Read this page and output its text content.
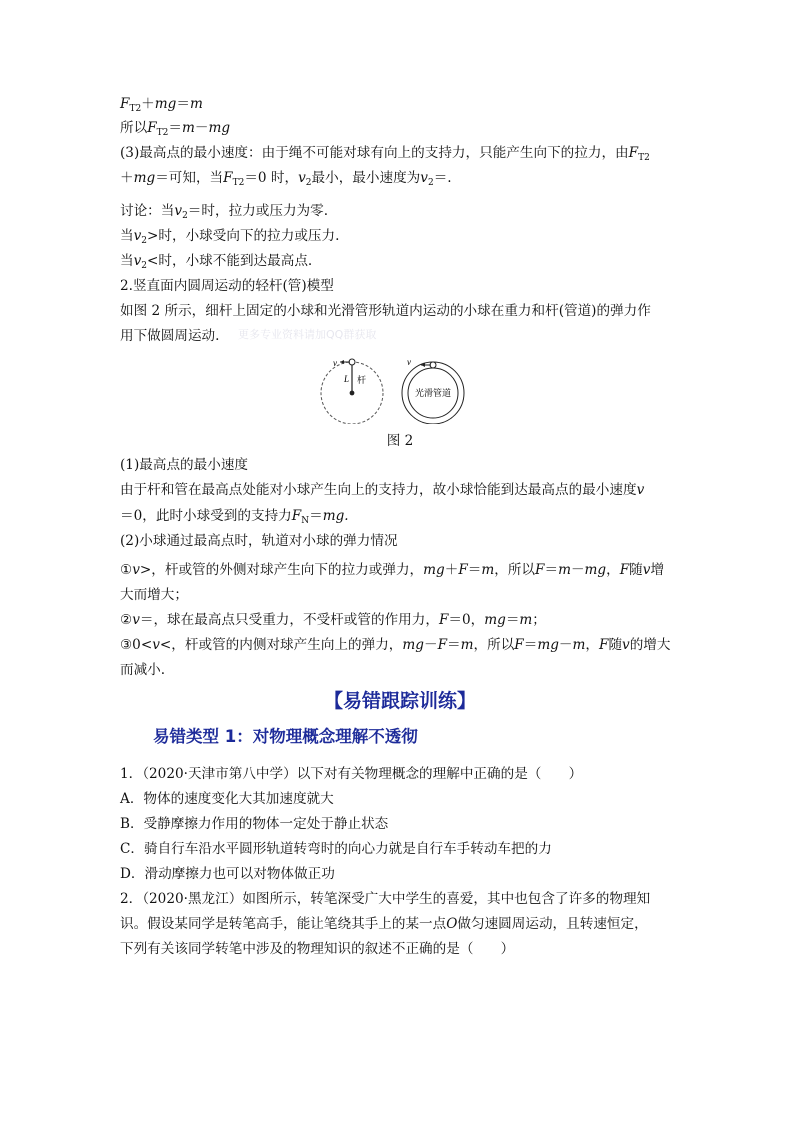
$F_{T2}+mg=m$
所以$F_{T2}=m-mg$
(3)最高点的最小速度：由于绳不可能对球有向上的支持力，只能产生向下的拉力，由$F_{T2}$
＋mg＝可知，当$F_{T2}=0$ 时，$v_2$最小，最小速度为$v_2=$.
讨论：当$v_2=$时，拉力或压力为零.
当$v_2>$时，小球受向下的拉力或压力.
当$v_2<$时，小球不能到达最高点.
2.竖直面内圆周运动的轻杆(管)模型
如图 2 所示，细杆上固定的小球和光滑管形轨道内运动的小球在重力和杆(管道)的弹力作
用下做圆周运动. 更多专业资料请加QQ群获取
v
L 杆
v
光滑管道
图 2
(1)最高点的最小速度
由于杆和管在最高点处能对小球产生向上的支持力，故小球恰能到达最高点的最小速度v
＝0，此时小球受到的支持力$F_N=mg$.
(2)小球通过最高点时，轨道对小球的弹力情况
①v>，杆或管的外侧对球产生向下的拉力或弹力，mg＋F＝m，所以F＝m－mg，F随v增
大而增大；
②v＝，球在最高点只受重力，不受杆或管的作用力，F＝0，mg＝m；
③0<v<，杆或管的内侧对球产生向上的弹力，mg－F＝m，所以F＝mg－m，F随v的增大
而减小.
【易错跟踪训练】
易错类型 1：对物理概念理解不透彻
1．（2020·天津市第八中学）以下对有关物理概念的理解中正确的是（　　）
A．物体的速度变化大其加速度就大
B．受静摩擦力作用的物体一定处于静止状态
C．骑自行车沿水平圆形轨道转弯时的向心力就是自行车手转动车把的力
D．滑动摩擦力也可以对物体做正功
2．（2020·黑龙江）如图所示，转笔深受广大中学生的喜爱，其中也包含了许多的物理知
识。假设某同学是转笔高手，能让笔绕其手上的某一点O做匀速圆周运动，且转速恒定，
下列有关该同学转笔中涉及的物理知识的叙述不正确的是（　　）
